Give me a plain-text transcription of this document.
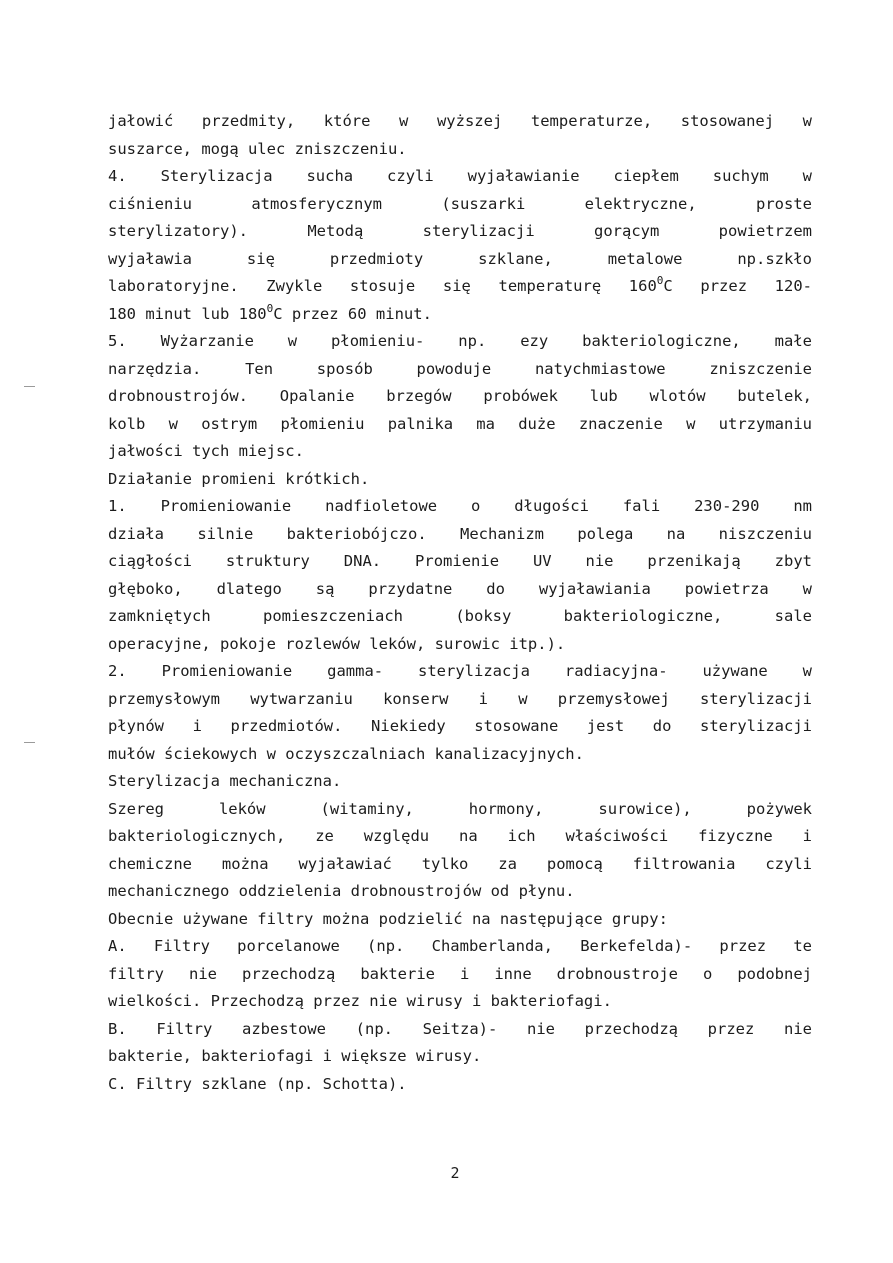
jałowić przedmity, które w wyższej temperaturze, stosowanej w
suszarce, mogą ulec zniszczeniu.
4. Sterylizacja sucha czyli wyjaławianie ciepłem suchym w
ciśnieniu atmosferycznym (suszarki elektryczne, proste
sterylizatory). Metodą sterylizacji gorącym powietrzem
wyjaławia się przedmioty szklane, metalowe np.szkło
laboratoryjne. Zwykle stosuje się temperaturę $160^0C$ przez 120-
180 minut lub $180^0C$ przez 60 minut.
5. Wyżarzanie w płomieniu- np. ezy bakteriologiczne, małe
narzędzia. Ten sposób powoduje natychmiastowe zniszczenie
drobnoustrojów. Opalanie brzegów probówek lub wlotów butelek,
kolb w ostrym płomieniu palnika ma duże znaczenie w utrzymaniu
jałwości tych miejsc.
Działanie promieni krótkich.
1. Promieniowanie nadfioletowe o długości fali 230-290 nm
działa silnie bakteriobójczo. Mechanizm polega na niszczeniu
ciągłości struktury DNA. Promienie UV nie przenikają zbyt
głęboko, dlatego są przydatne do wyjaławiania powietrza w
zamkniętych pomieszczeniach (boksy bakteriologiczne, sale
operacyjne, pokoje rozlewów leków, surowic itp.).
2. Promieniowanie gamma- sterylizacja radiacyjna- używane w
przemysłowym wytwarzaniu konserw i w przemysłowej sterylizacji
płynów i przedmiotów. Niekiedy stosowane jest do sterylizacji
mułów ściekowych w oczyszczalniach kanalizacyjnych.
Sterylizacja mechaniczna.
Szereg leków (witaminy, hormony, surowice), pożywek
bakteriologicznych, ze względu na ich właściwości fizyczne i
chemiczne można wyjaławiać tylko za pomocą filtrowania czyli
mechanicznego oddzielenia drobnoustrojów od płynu.
Obecnie używane filtry można podzielić na następujące grupy:
A. Filtry porcelanowe (np. Chamberlanda, Berkefelda)- przez te
filtry nie przechodzą bakterie i inne drobnoustroje o podobnej
wielkości. Przechodzą przez nie wirusy i bakteriofagi.
B. Filtry azbestowe (np. Seitza)- nie przechodzą przez nie
bakterie, bakteriofagi i większe wirusy.
C. Filtry szklane (np. Schotta).
2
